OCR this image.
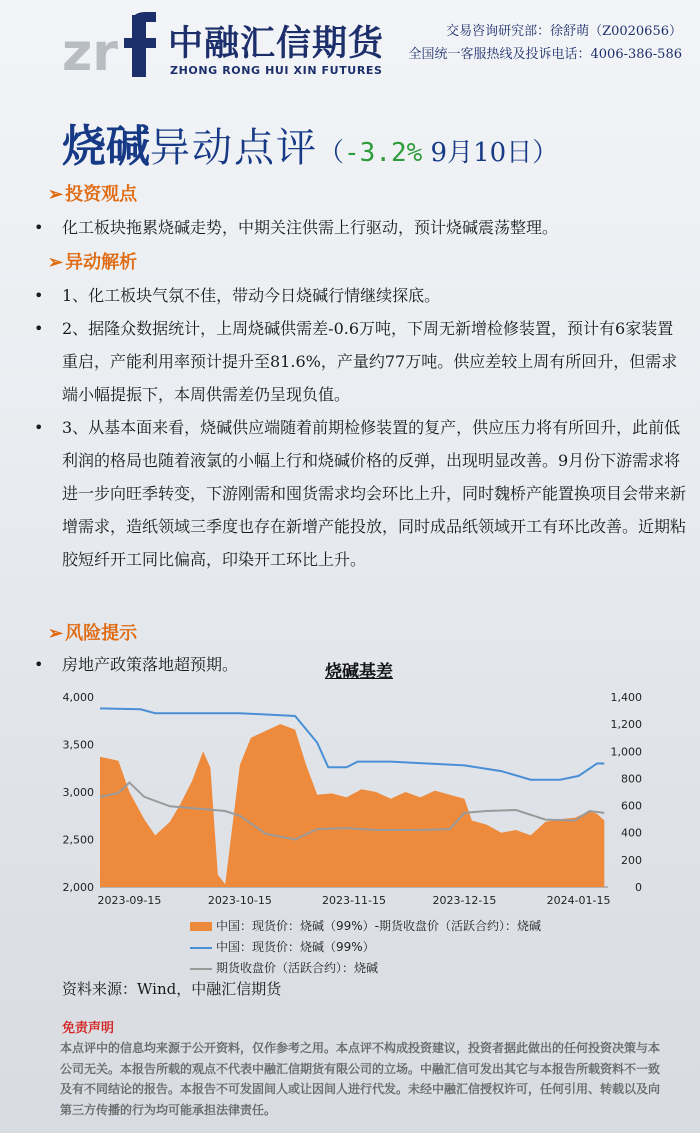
zr 中融汇信期货
ZHONG RONG HUI XIN FUTURES
交易咨询研究部：徐舒萌（Z0020656）
全国统一客服热线及投诉电话：4006-386-586
烧碱异动点评（-3.2% 9月10日）
➢ 投资观点
• 化工板块拖累烧碱走势，中期关注供需上行驱动，预计烧碱震荡整理。
➢ 异动解析
• 1、化工板块气氛不佳，带动今日烧碱行情继续探底。
• 2、据隆众数据统计，上周烧碱供需差-0.6万吨，下周无新增检修装置，预计有6家装置重启，产能利用率预计提升至81.6%，产量约77万吨。供应差较上周有所回升，但需求端小幅提振下，本周供需差仍呈现负值。
• 3、从基本面来看，烧碱供应端随着前期检修装置的复产，供应压力将有所回升，此前低利润的格局也随着液氯的小幅上行和烧碱价格的反弹，出现明显改善。9月份下游需求将进一步向旺季转变，下游刚需和囤货需求均会环比上升，同时魏桥产能置换项目会带来新增需求，造纸领域三季度也存在新增产能投放，同时成品纸领域开工有环比改善。近期粘胶短纤开工同比偏高，印染开工环比上升。
➢ 风险提示
• 房地产政策落地超预期。	烧碱基差
2,000
2,500
3,000
3,500
4,000
0
200
400
600
800
1,000
1,200
1,400
2023-09-15	2023-10-15	2023-11-15	2023-12-15	2024-01-15
中国：现货价：烧碱（99%）-期货收盘价（活跃合约）：烧碱
中国：现货价：烧碱（99%）
期货收盘价（活跃合约）：烧碱
资料来源：Wind，中融汇信期货
免责声明
本点评中的信息均来源于公开资料，仅作参考之用。本点评不构成投资建议，投资者据此做出的任何投资决策与本公司无关。本报告所载的观点不代表中融汇信期货有限公司的立场。中融汇信可发出其它与本报告所载资料不一致及有不同结论的报告。本报告不可发固间人或让因间人进行代发。未经中融汇信授权许可，任何引用、转载以及向第三方传播的行为均可能承担法律责任。
